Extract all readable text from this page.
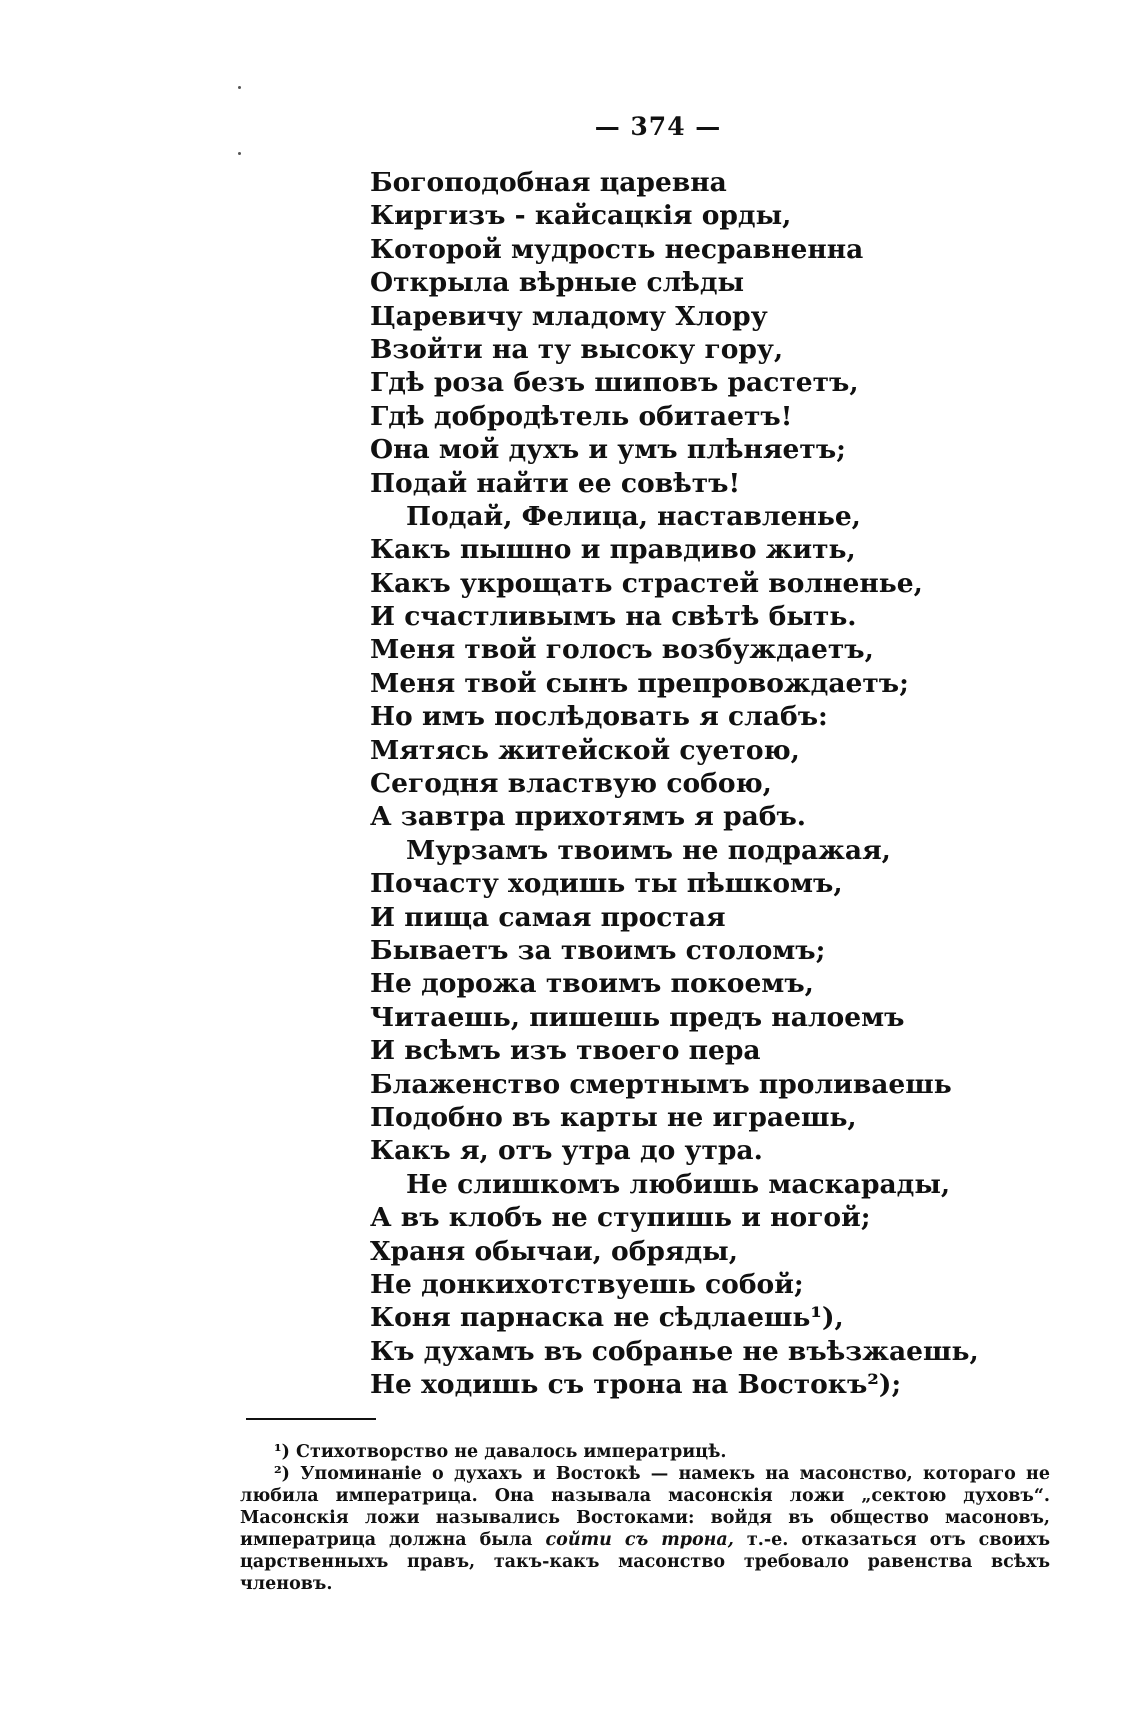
— 374 —
Богоподобная царевна
Киргизъ - кайсацкія орды,
Которой мудрость несравненна
Открыла вѣрные слѣды
Царевичу младому Хлору
Взойти на ту высоку гору,
Гдѣ роза безъ шиповъ растетъ,
Гдѣ добродѣтель обитаетъ!
Она мой духъ и умъ плѣняетъ;
Подай найти ее совѣтъ!
Подай, Фелица, наставленье,
Какъ пышно и правдиво жить,
Какъ укрощать страстей волненье,
И счастливымъ на свѣтѣ быть.
Меня твой голосъ возбуждаетъ,
Меня твой сынъ препровождаетъ;
Но имъ послѣдовать я слабъ:
Мятясь житейской суетою,
Сегодня властвую собою,
А завтра прихотямъ я рабъ.
Мурзамъ твоимъ не подражая,
Почасту ходишь ты пѣшкомъ,
И пища самая простая
Бываетъ за твоимъ столомъ;
Не дорожа твоимъ покоемъ,
Читаешь, пишешь предъ налоемъ
И всѣмъ изъ твоего пера
Блаженство смертнымъ проливаешь
Подобно въ карты не играешь,
Какъ я, отъ утра до утра.
Не слишкомъ любишь маскарады,
А въ клобъ не ступишь и ногой;
Храня обычаи, обряды,
Не донкихотствуешь собой;
Коня парнаска не сѣдлаешь¹),
Къ духамъ въ собранье не въѣзжаешь,
Не ходишь съ трона на Востокъ²);

¹) Стихотворство не давалось императрицѣ.

²) Упоминаніе о духахъ и Востокѣ — намекъ на масонство, котораго не любила императрица. Она называла масонскія ложи „сектою духовъ“. Масонскія ложи назывались Востоками: войдя въ общество масоновъ, императрица должна была сойти съ трона, т.-е. отказаться отъ своихъ царственныхъ правъ, такъ-какъ масонство требовало равенства всѣхъ членовъ.
